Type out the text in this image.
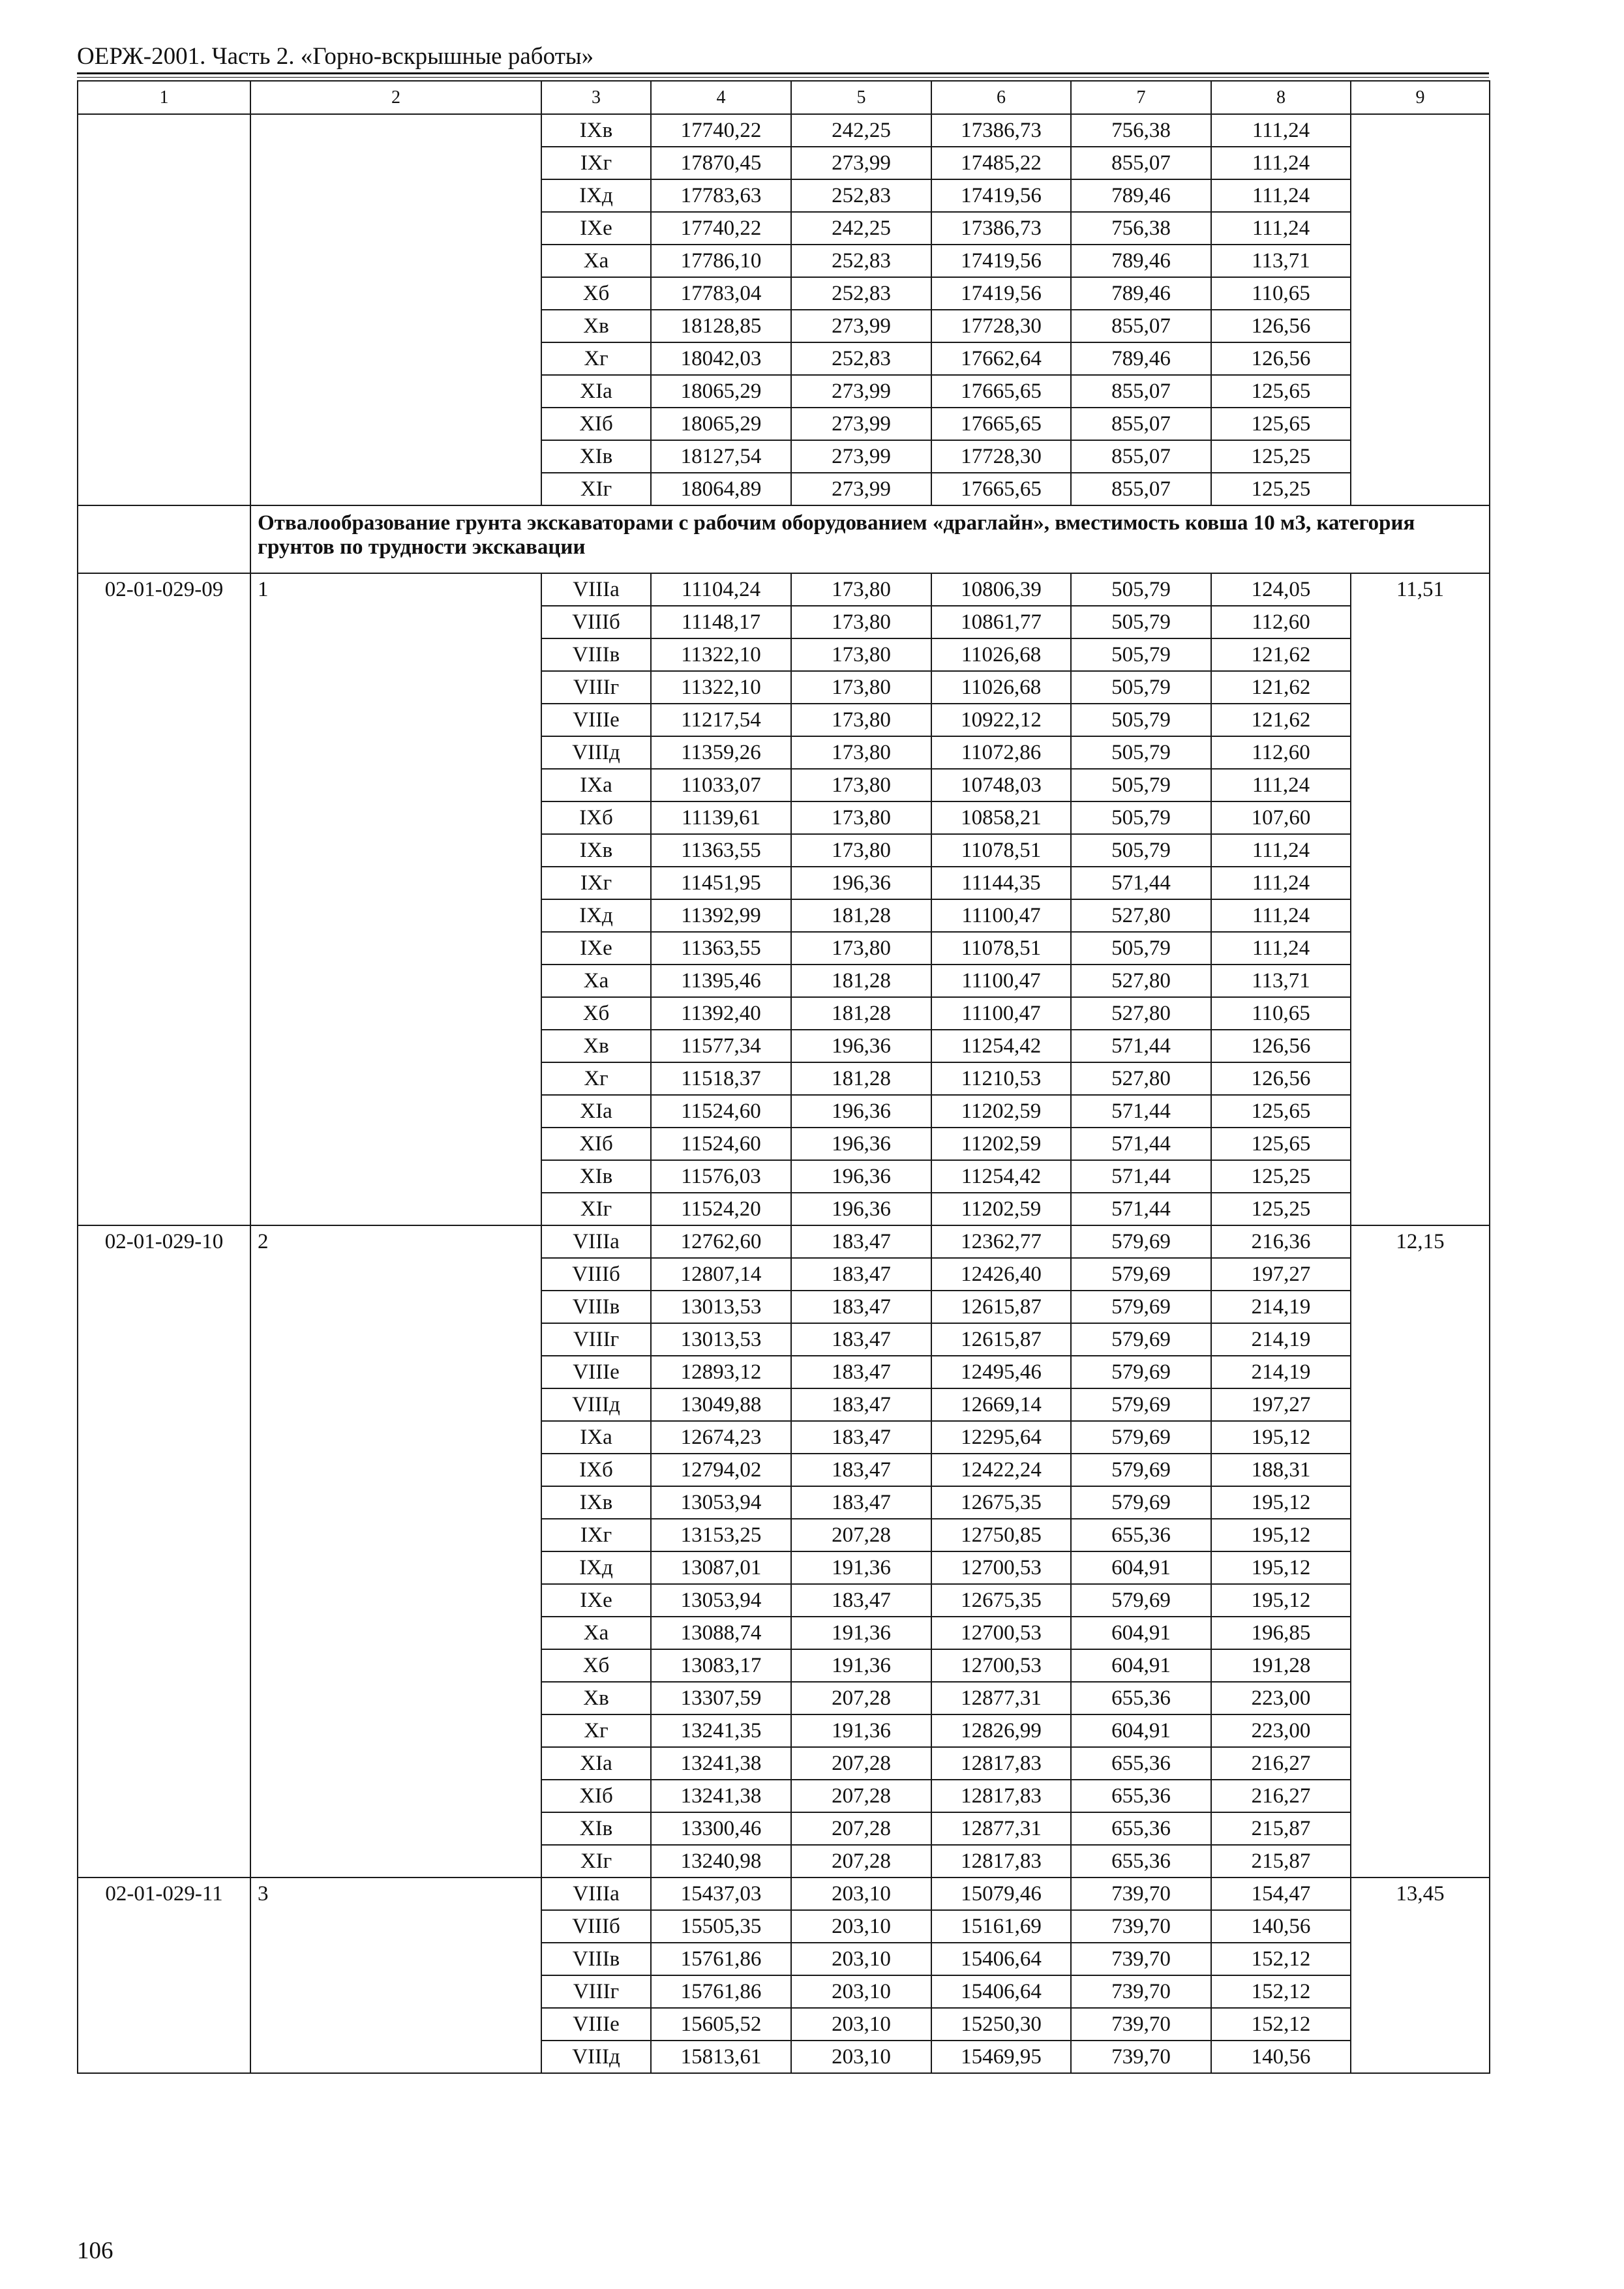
ОЕРЖ-2001. Часть 2. «Горно-вскрышные работы»
1	2	3	4	5	6	7	8	9
		IXв	17740,22	242,25	17386,73	756,38	111,24	
		IXг	17870,45	273,99	17485,22	855,07	111,24	
		IXд	17783,63	252,83	17419,56	789,46	111,24	
		IXе	17740,22	242,25	17386,73	756,38	111,24	
		Xа	17786,10	252,83	17419,56	789,46	113,71	
		Xб	17783,04	252,83	17419,56	789,46	110,65	
		Xв	18128,85	273,99	17728,30	855,07	126,56	
		Xг	18042,03	252,83	17662,64	789,46	126,56	
		XIа	18065,29	273,99	17665,65	855,07	125,65	
		XIб	18065,29	273,99	17665,65	855,07	125,65	
		XIв	18127,54	273,99	17728,30	855,07	125,25	
		XIг	18064,89	273,99	17665,65	855,07	125,25	
	Отвалообразование грунта экскаваторами с рабочим оборудованием «драглайн», вместимость ковша 10 м3, категория грунтов по трудности экскавации							
02-01-029-09	1	VIIIа	11104,24	173,80	10806,39	505,79	124,05	11,51
		VIIIб	11148,17	173,80	10861,77	505,79	112,60	
		VIIIв	11322,10	173,80	11026,68	505,79	121,62	
		VIIIг	11322,10	173,80	11026,68	505,79	121,62	
		VIIIе	11217,54	173,80	10922,12	505,79	121,62	
		VIIIд	11359,26	173,80	11072,86	505,79	112,60	
		IXа	11033,07	173,80	10748,03	505,79	111,24	
		IXб	11139,61	173,80	10858,21	505,79	107,60	
		IXв	11363,55	173,80	11078,51	505,79	111,24	
		IXг	11451,95	196,36	11144,35	571,44	111,24	
		IXд	11392,99	181,28	11100,47	527,80	111,24	
		IXе	11363,55	173,80	11078,51	505,79	111,24	
		Xа	11395,46	181,28	11100,47	527,80	113,71	
		Xб	11392,40	181,28	11100,47	527,80	110,65	
		Xв	11577,34	196,36	11254,42	571,44	126,56	
		Xг	11518,37	181,28	11210,53	527,80	126,56	
		XIа	11524,60	196,36	11202,59	571,44	125,65	
		XIб	11524,60	196,36	11202,59	571,44	125,65	
		XIв	11576,03	196,36	11254,42	571,44	125,25	
		XIг	11524,20	196,36	11202,59	571,44	125,25	
02-01-029-10	2	VIIIа	12762,60	183,47	12362,77	579,69	216,36	12,15
		VIIIб	12807,14	183,47	12426,40	579,69	197,27	
		VIIIв	13013,53	183,47	12615,87	579,69	214,19	
		VIIIг	13013,53	183,47	12615,87	579,69	214,19	
		VIIIе	12893,12	183,47	12495,46	579,69	214,19	
		VIIIд	13049,88	183,47	12669,14	579,69	197,27	
		IXа	12674,23	183,47	12295,64	579,69	195,12	
		IXб	12794,02	183,47	12422,24	579,69	188,31	
		IXв	13053,94	183,47	12675,35	579,69	195,12	
		IXг	13153,25	207,28	12750,85	655,36	195,12	
		IXд	13087,01	191,36	12700,53	604,91	195,12	
		IXе	13053,94	183,47	12675,35	579,69	195,12	
		Xа	13088,74	191,36	12700,53	604,91	196,85	
		Xб	13083,17	191,36	12700,53	604,91	191,28	
		Xв	13307,59	207,28	12877,31	655,36	223,00	
		Xг	13241,35	191,36	12826,99	604,91	223,00	
		XIа	13241,38	207,28	12817,83	655,36	216,27	
		XIб	13241,38	207,28	12817,83	655,36	216,27	
		XIв	13300,46	207,28	12877,31	655,36	215,87	
		XIг	13240,98	207,28	12817,83	655,36	215,87	
02-01-029-11	3	VIIIа	15437,03	203,10	15079,46	739,70	154,47	13,45
		VIIIб	15505,35	203,10	15161,69	739,70	140,56	
		VIIIв	15761,86	203,10	15406,64	739,70	152,12	
		VIIIг	15761,86	203,10	15406,64	739,70	152,12	
		VIIIе	15605,52	203,10	15250,30	739,70	152,12	
		VIIIд	15813,61	203,10	15469,95	739,70	140,56	
106
